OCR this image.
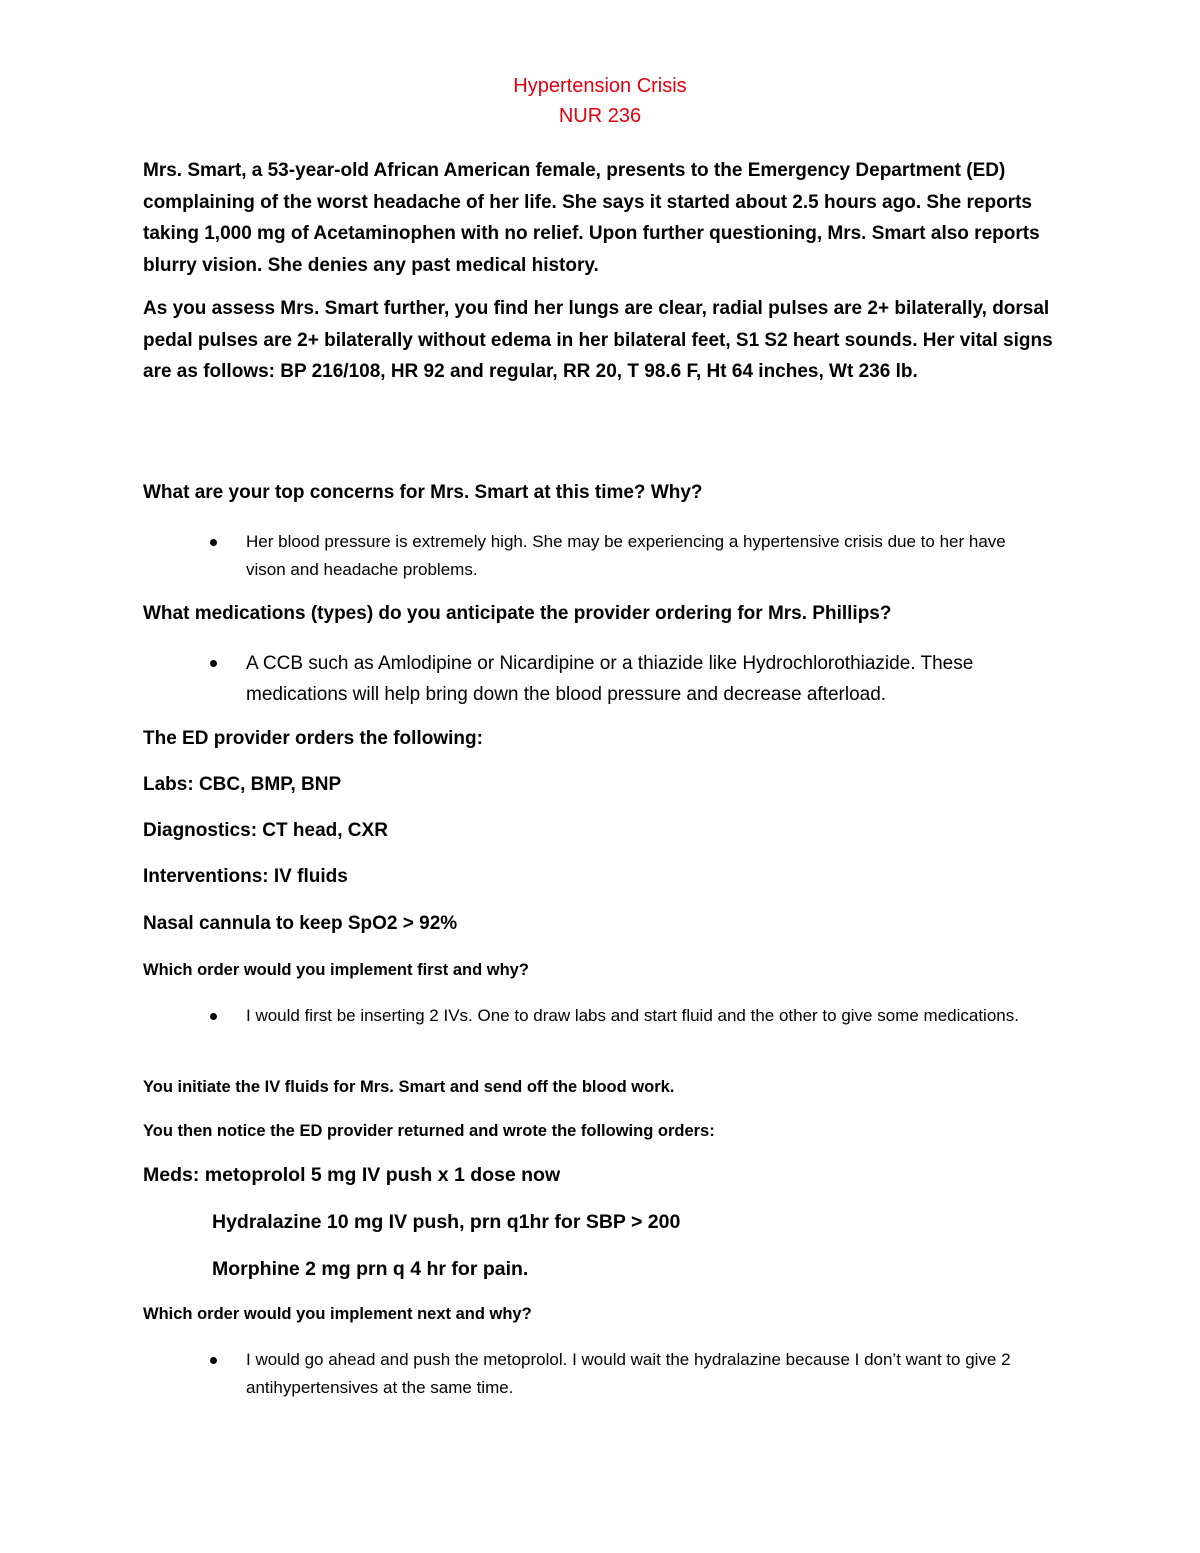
Hypertension Crisis
NUR 236
Mrs. Smart, a 53-year-old African American female, presents to the Emergency Department (ED) complaining of the worst headache of her life. She says it started about 2.5 hours ago. She reports taking 1,000 mg of Acetaminophen with no relief. Upon further questioning, Mrs. Smart also reports blurry vision. She denies any past medical history.
As you assess Mrs. Smart further, you find her lungs are clear, radial pulses are 2+ bilaterally, dorsal pedal pulses are 2+ bilaterally without edema in her bilateral feet, S1 S2 heart sounds. Her vital signs are as follows: BP 216/108, HR 92 and regular, RR 20, T 98.6 F, Ht 64 inches, Wt 236 lb.
What are your top concerns for Mrs. Smart at this time? Why?
Her blood pressure is extremely high. She may be experiencing a hypertensive crisis due to her have vison and headache problems.
What medications (types) do you anticipate the provider ordering for Mrs. Phillips?
A CCB such as Amlodipine or Nicardipine or a thiazide like Hydrochlorothiazide. These medications will help bring down the blood pressure and decrease afterload.
The ED provider orders the following:
Labs: CBC, BMP, BNP
Diagnostics: CT head, CXR
Interventions: IV fluids
Nasal cannula to keep SpO2 > 92%
Which order would you implement first and why?
I would first be inserting 2 IVs. One to draw labs and start fluid and the other to give some medications.
You initiate the IV fluids for Mrs. Smart and send off the blood work.
You then notice the ED provider returned and wrote the following orders:
Meds: metoprolol 5 mg IV push x 1 dose now
Hydralazine 10 mg IV push, prn q1hr for SBP > 200
Morphine 2 mg prn q 4 hr for pain.
Which order would you implement next and why?
I would go ahead and push the metoprolol. I would wait the hydralazine because I don’t want to give 2 antihypertensives at the same time.
